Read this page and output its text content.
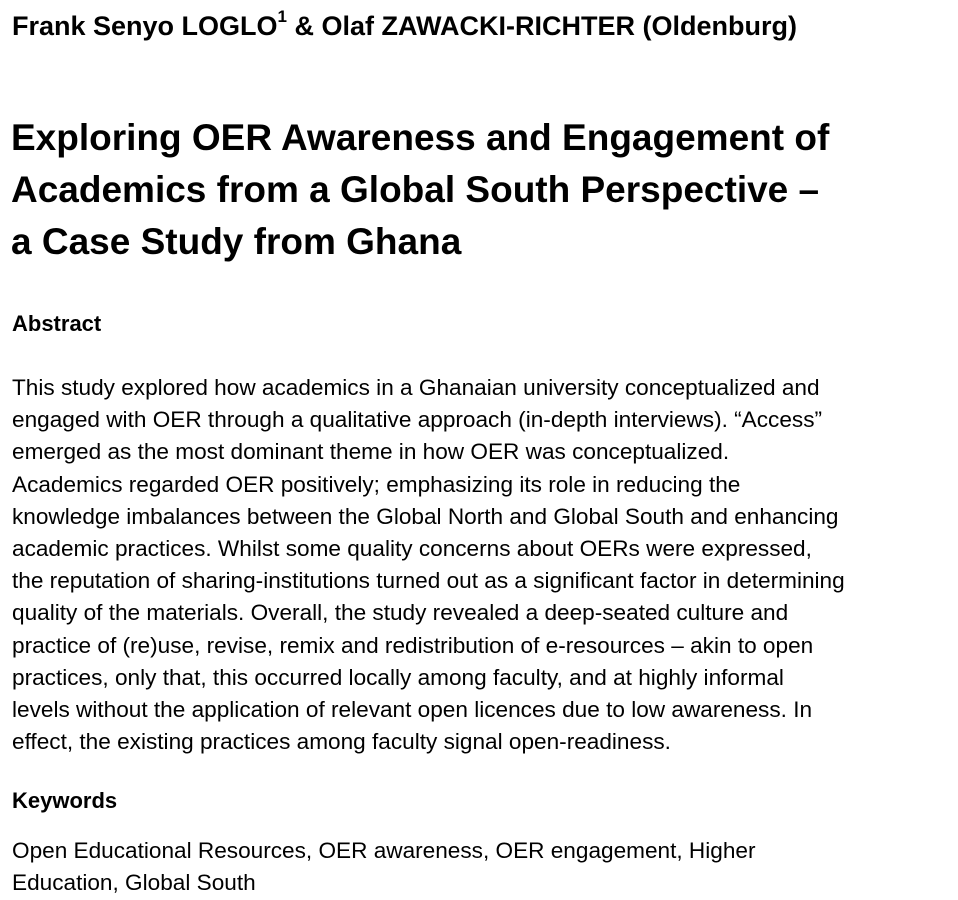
Frank Senyo LOGLO$^1$ & Olaf ZAWACKI-RICHTER (Oldenburg)
Exploring OER Awareness and Engagement of
Academics from a Global South Perspective –
a Case Study from Ghana
Abstract

This study explored how academics in a Ghanaian university conceptualized and
engaged with OER through a qualitative approach (in-depth interviews). “Access”
emerged as the most dominant theme in how OER was conceptualized.
Academics regarded OER positively; emphasizing its role in reducing the
knowledge imbalances between the Global North and Global South and enhancing
academic practices. Whilst some quality concerns about OERs were expressed,
the reputation of sharing-institutions turned out as a significant factor in determining
quality of the materials. Overall, the study revealed a deep-seated culture and
practice of (re)use, revise, remix and redistribution of e-resources – akin to open
practices, only that, this occurred locally among faculty, and at highly informal
levels without the application of relevant open licences due to low awareness. In
effect, the existing practices among faculty signal open-readiness.

Keywords

Open Educational Resources, OER awareness, OER engagement, Higher
Education, Global South
